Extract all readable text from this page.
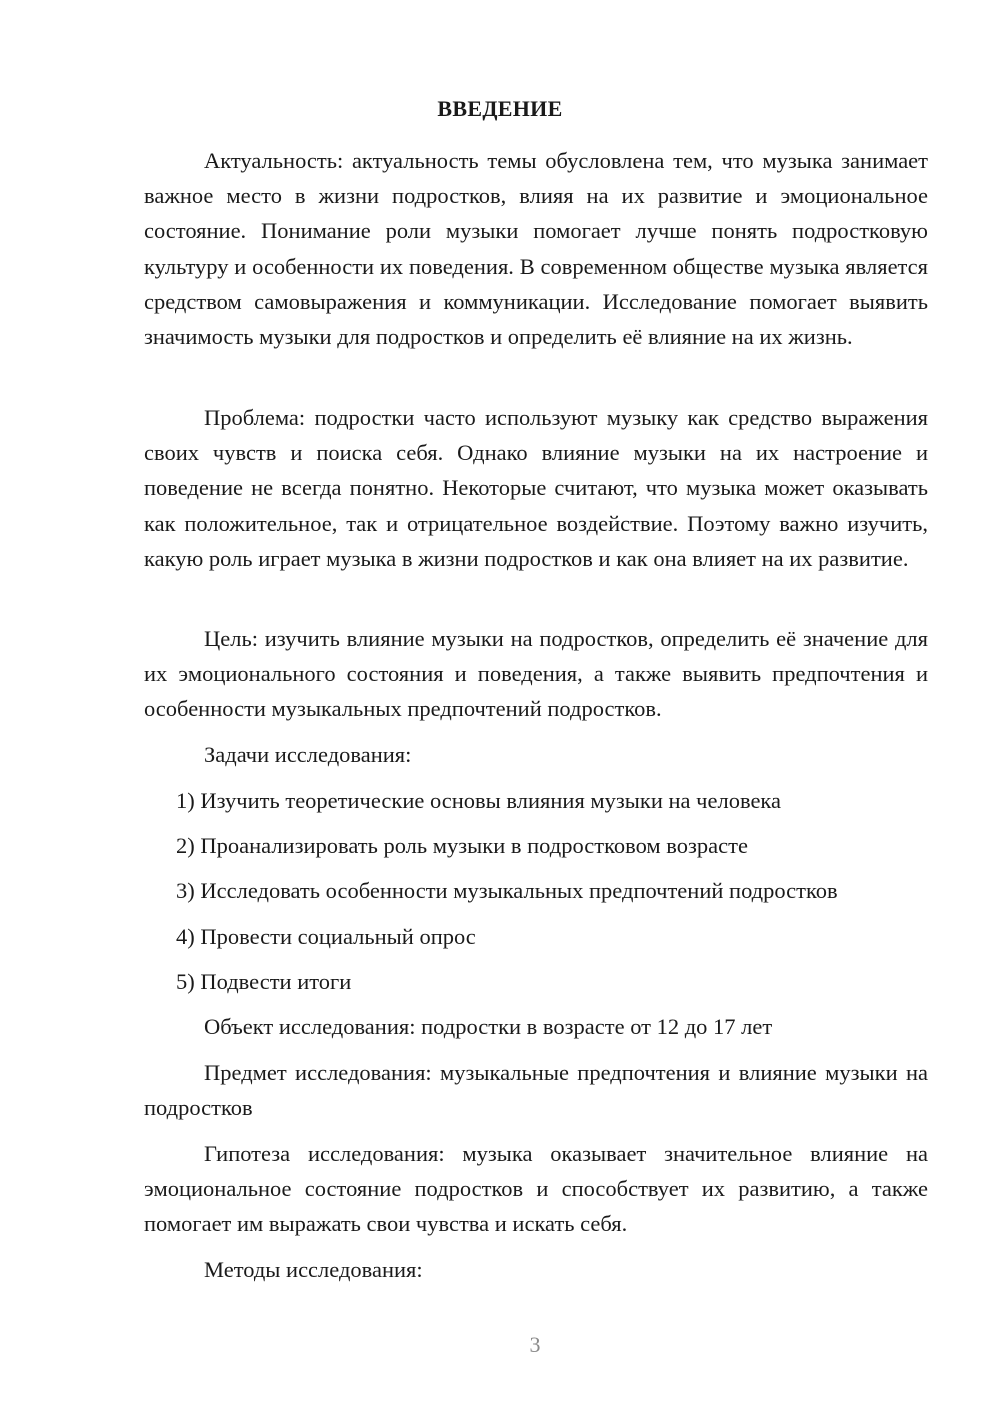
ВВЕДЕНИЕ

Актуальность: актуальность темы обусловлена тем, что музыка занимает важное место в жизни подростков, влияя на их развитие и эмоциональное состояние. Понимание роли музыки помогает лучше понять подростковую культуру и особенности их поведения. В современном обществе музыка является средством самовыражения и коммуникации. Исследование помогает выявить значимость музыки для подростков и определить её влияние на их жизнь.

Проблема: подростки часто используют музыку как средство выражения своих чувств и поиска себя. Однако влияние музыки на их настроение и поведение не всегда понятно. Некоторые считают, что музыка может оказывать как положительное, так и отрицательное воздействие. Поэтому важно изучить, какую роль играет музыка в жизни подростков и как она влияет на их развитие.

Цель: изучить влияние музыки на подростков, определить её значение для их эмоционального состояния и поведения, а также выявить предпочтения и особенности музыкальных предпочтений подростков.

Задачи исследования:
1) Изучить теоретические основы влияния музыки на человека
2) Проанализировать роль музыки в подростковом возрасте
3) Исследовать особенности музыкальных предпочтений подростков
4) Провести социальный опрос
5) Подвести итоги
Объект исследования: подростки в возрасте от 12 до 17 лет

Предмет исследования: музыкальные предпочтения и влияние музыки на подростков

Гипотеза исследования: музыка оказывает значительное влияние на эмоциональное состояние подростков и способствует их развитию, а также помогает им выражать свои чувства и искать себя.

Методы исследования:
3
